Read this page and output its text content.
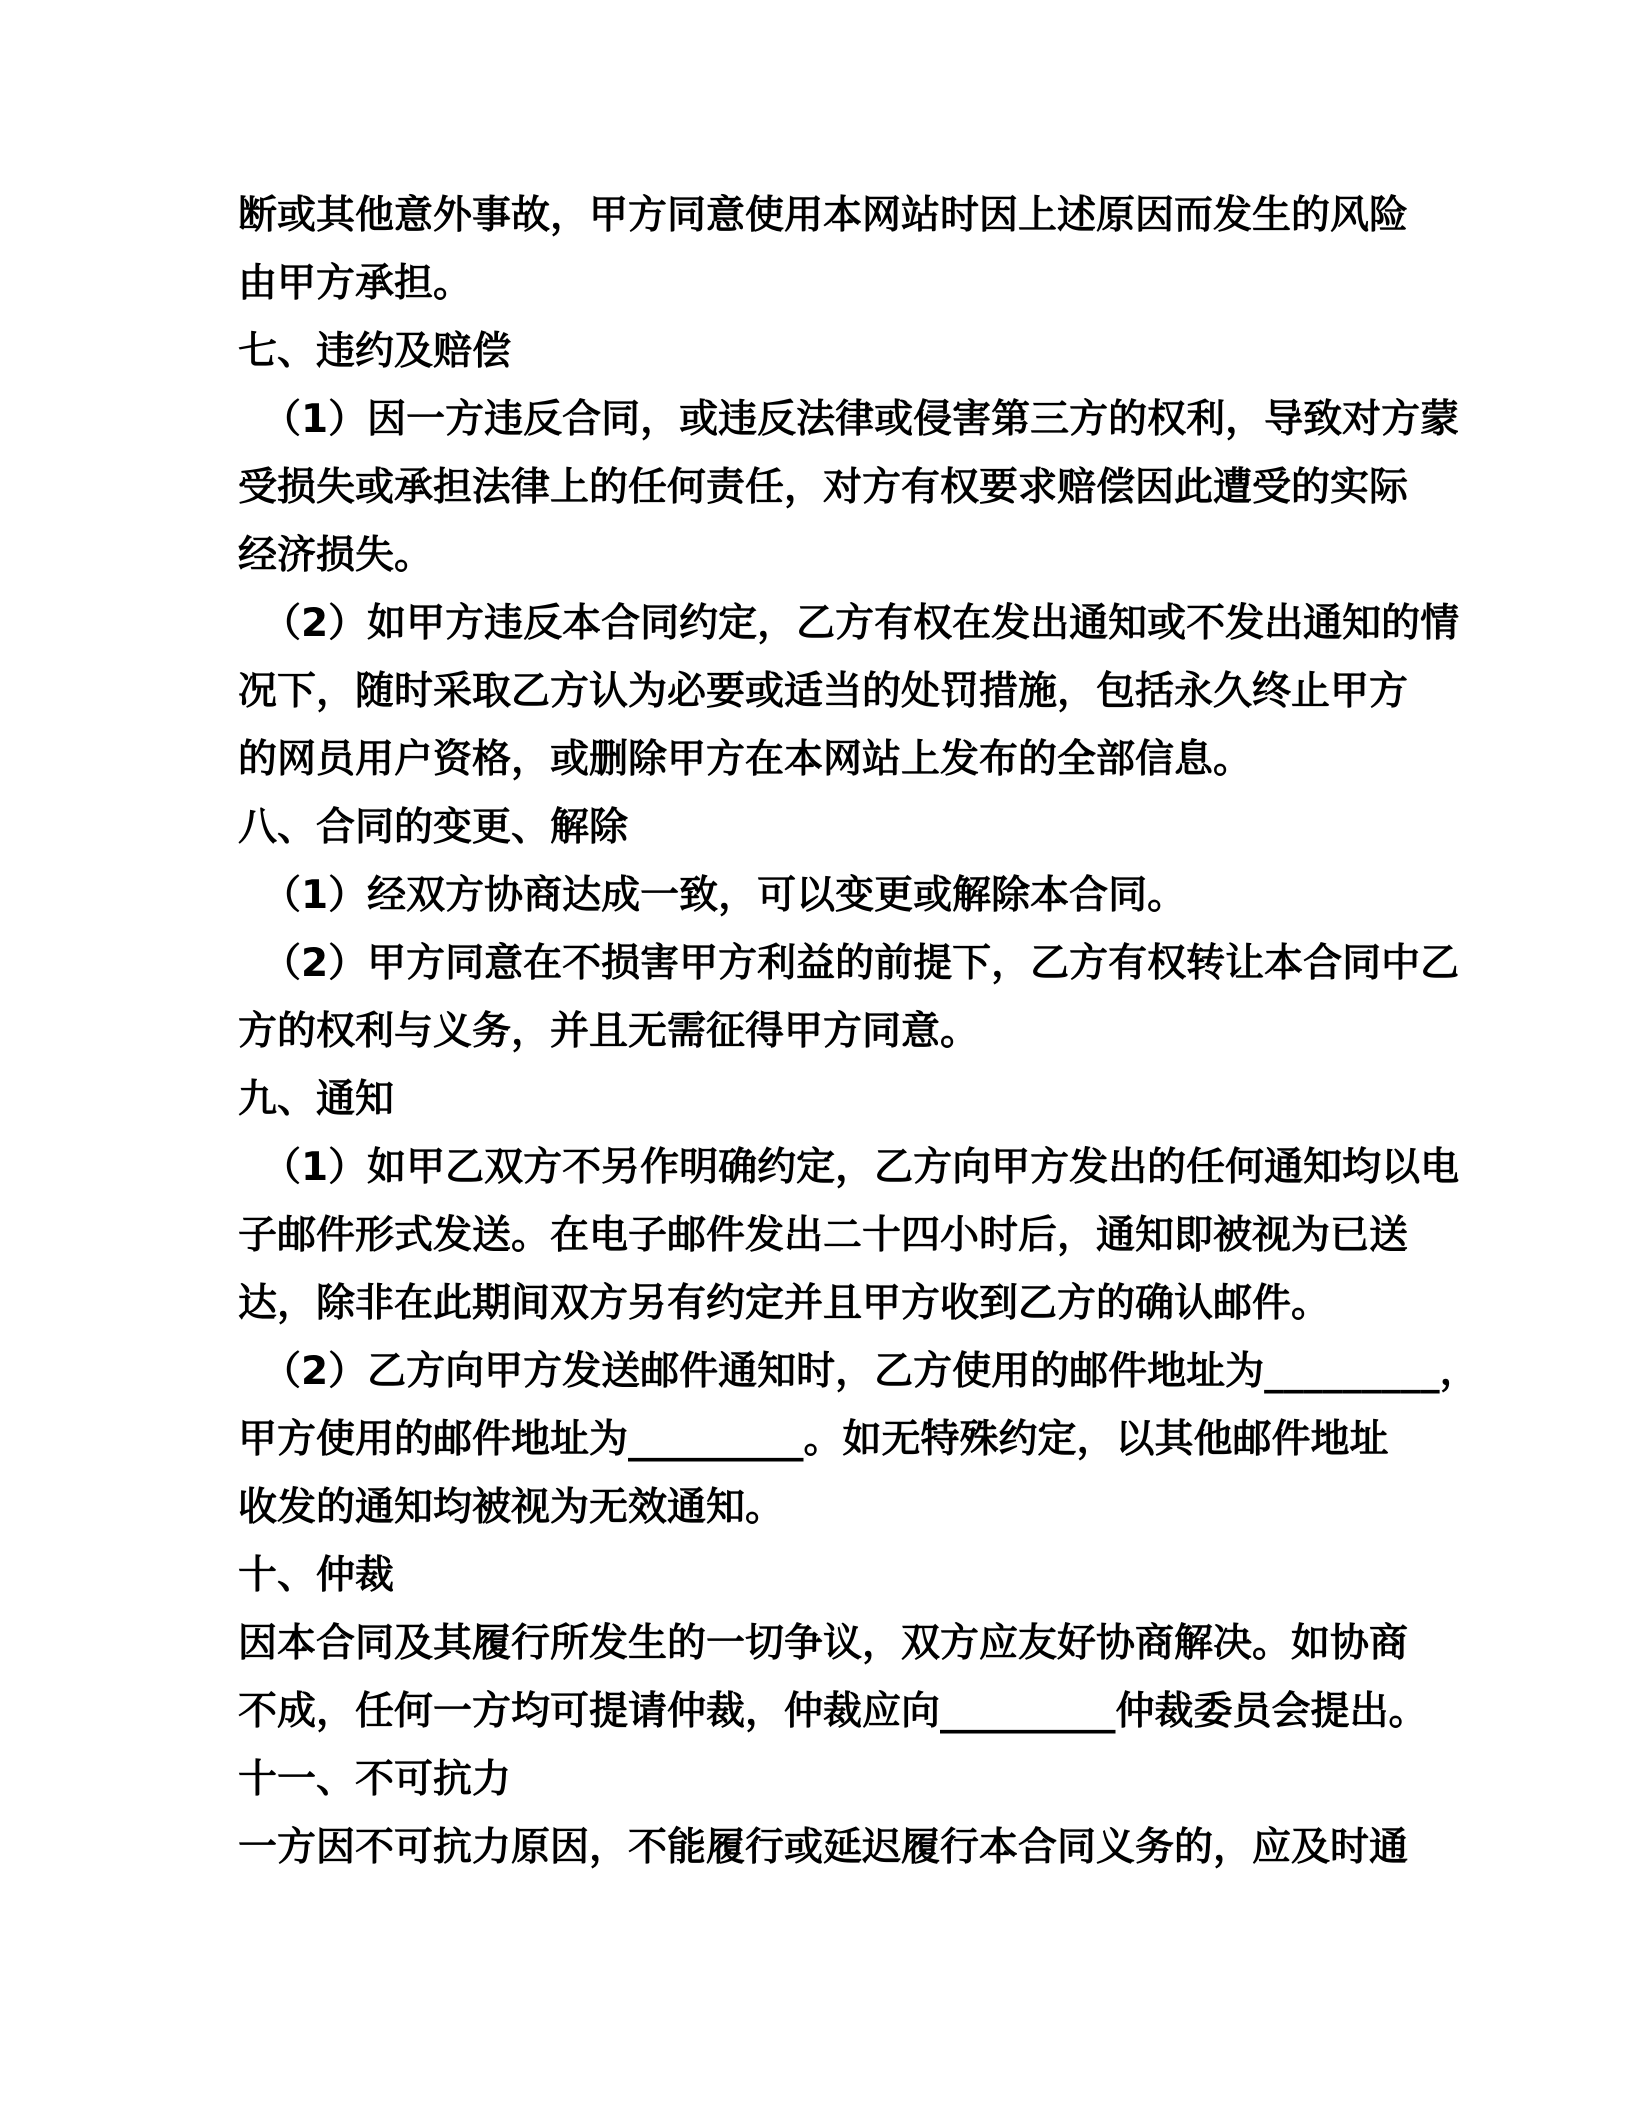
断或其他意外事故，甲方同意使用本网站时因上述原因而发生的风险
由甲方承担。
七、违约及赔偿
（1）因一方违反合同，或违反法律或侵害第三方的权利，导致对方蒙
受损失或承担法律上的任何责任，对方有权要求赔偿因此遭受的实际
经济损失。
（2）如甲方违反本合同约定，乙方有权在发出通知或不发出通知的情
况下，随时采取乙方认为必要或适当的处罚措施，包括永久终止甲方
的网员用户资格，或删除甲方在本网站上发布的全部信息。
八、合同的变更、解除
（1）经双方协商达成一致，可以变更或解除本合同。
（2）甲方同意在不损害甲方利益的前提下，乙方有权转让本合同中乙
方的权利与义务，并且无需征得甲方同意。
九、通知
（1）如甲乙双方不另作明确约定，乙方向甲方发出的任何通知均以电
子邮件形式发送。在电子邮件发出二十四小时后，通知即被视为已送
达，除非在此期间双方另有约定并且甲方收到乙方的确认邮件。
（2）乙方向甲方发送邮件通知时，乙方使用的邮件地址为_________，
甲方使用的邮件地址为_________。如无特殊约定，以其他邮件地址
收发的通知均被视为无效通知。
十、仲裁
因本合同及其履行所发生的一切争议，双方应友好协商解决。如协商
不成，任何一方均可提请仲裁，仲裁应向_________仲裁委员会提出。
十一、不可抗力
一方因不可抗力原因，不能履行或延迟履行本合同义务的，应及时通
